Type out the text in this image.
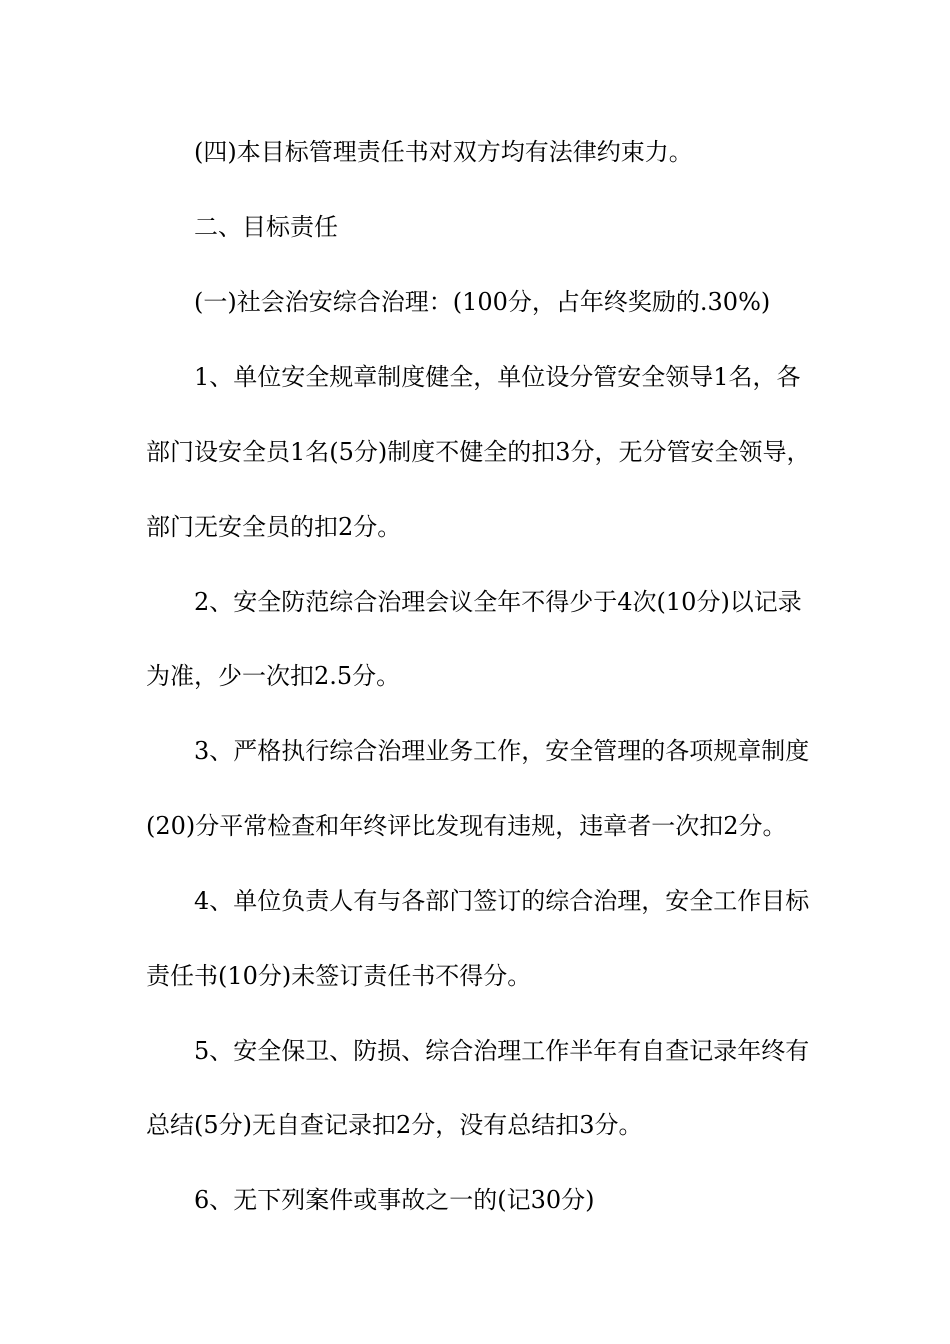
(四)本目标管理责任书对双方均有法律约束力。

二、目标责任

(一)社会治安综合治理：(100分，占年终奖励的.30%)

1、单位安全规章制度健全，单位设分管安全领导1名，各

部门设安全员1名(5分)制度不健全的扣3分，无分管安全领导，

部门无安全员的扣2分。

2、安全防范综合治理会议全年不得少于4次(10分)以记录

为准，少一次扣2.5分。

3、严格执行综合治理业务工作，安全管理的各项规章制度

(20)分平常检查和年终评比发现有违规，违章者一次扣2分。

4、单位负责人有与各部门签订的综合治理，安全工作目标

责任书(10分)未签订责任书不得分。

5、安全保卫、防损、综合治理工作半年有自查记录年终有

总结(5分)无自查记录扣2分，没有总结扣3分。

6、无下列案件或事故之一的(记30分)
